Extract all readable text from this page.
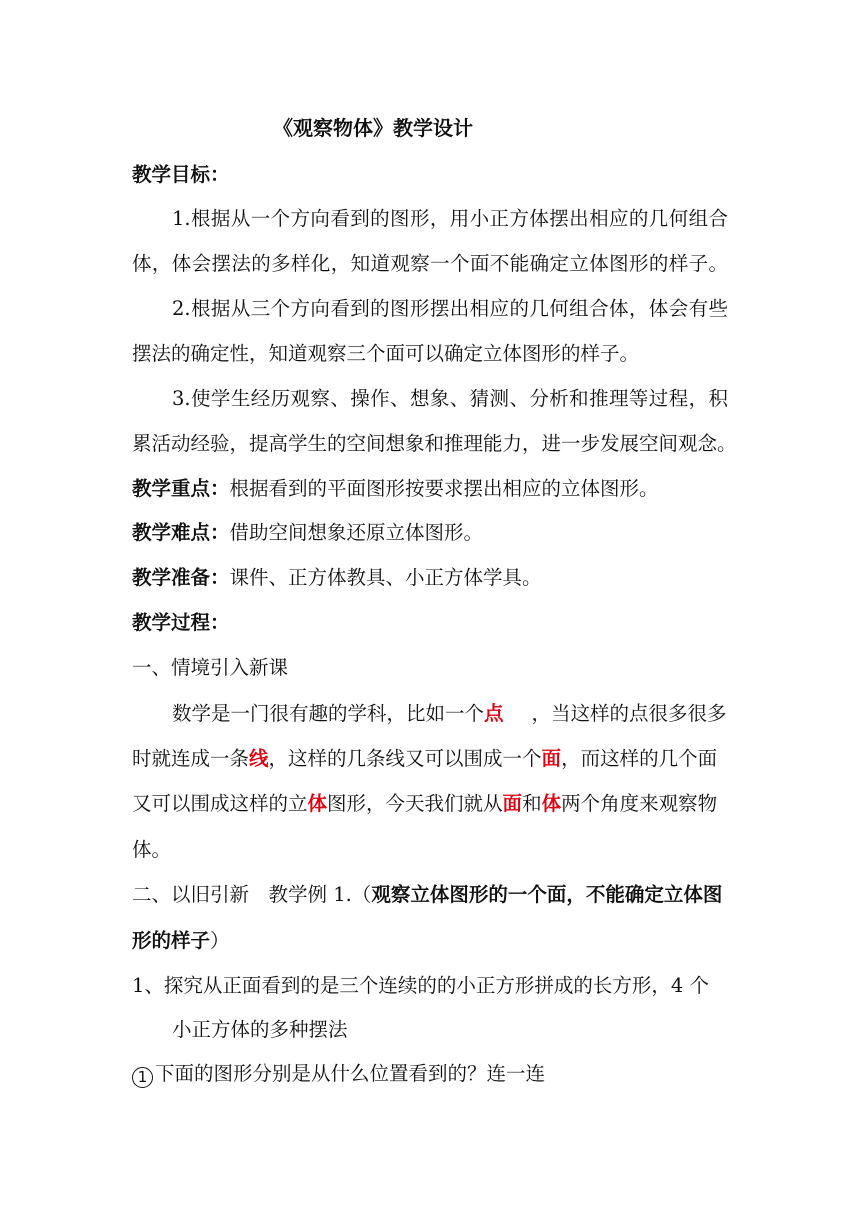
《观察物体》教学设计
教学目标：
1.根据从一个方向看到的图形，用小正方体摆出相应的几何组合
体，体会摆法的多样化，知道观察一个面不能确定立体图形的样子。
2.根据从三个方向看到的图形摆出相应的几何组合体，体会有些
摆法的确定性，知道观察三个面可以确定立体图形的样子。
3.使学生经历观察、操作、想象、猜测、分析和推理等过程，积
累活动经验，提高学生的空间想象和推理能力，进一步发展空间观念。
教学重点：根据看到的平面图形按要求摆出相应的立体图形。
教学难点：借助空间想象还原立体图形。
教学准备：课件、正方体教具、小正方体学具。
教学过程：
一、情境引入新课
数学是一门很有趣的学科，比如一个点 ，当这样的点很多很多
时就连成一条线，这样的几条线又可以围成一个面，而这样的几个面
又可以围成这样的立体图形，今天我们就从面和体两个角度来观察物
体。
二、以旧引新　教学例 1.（观察立体图形的一个面，不能确定立体图
形的样子）
1、探究从正面看到的是三个连续的的小正方形拼成的长方形，4 个
小正方体的多种摆法
1 下面的图形分别是从什么位置看到的？连一连
